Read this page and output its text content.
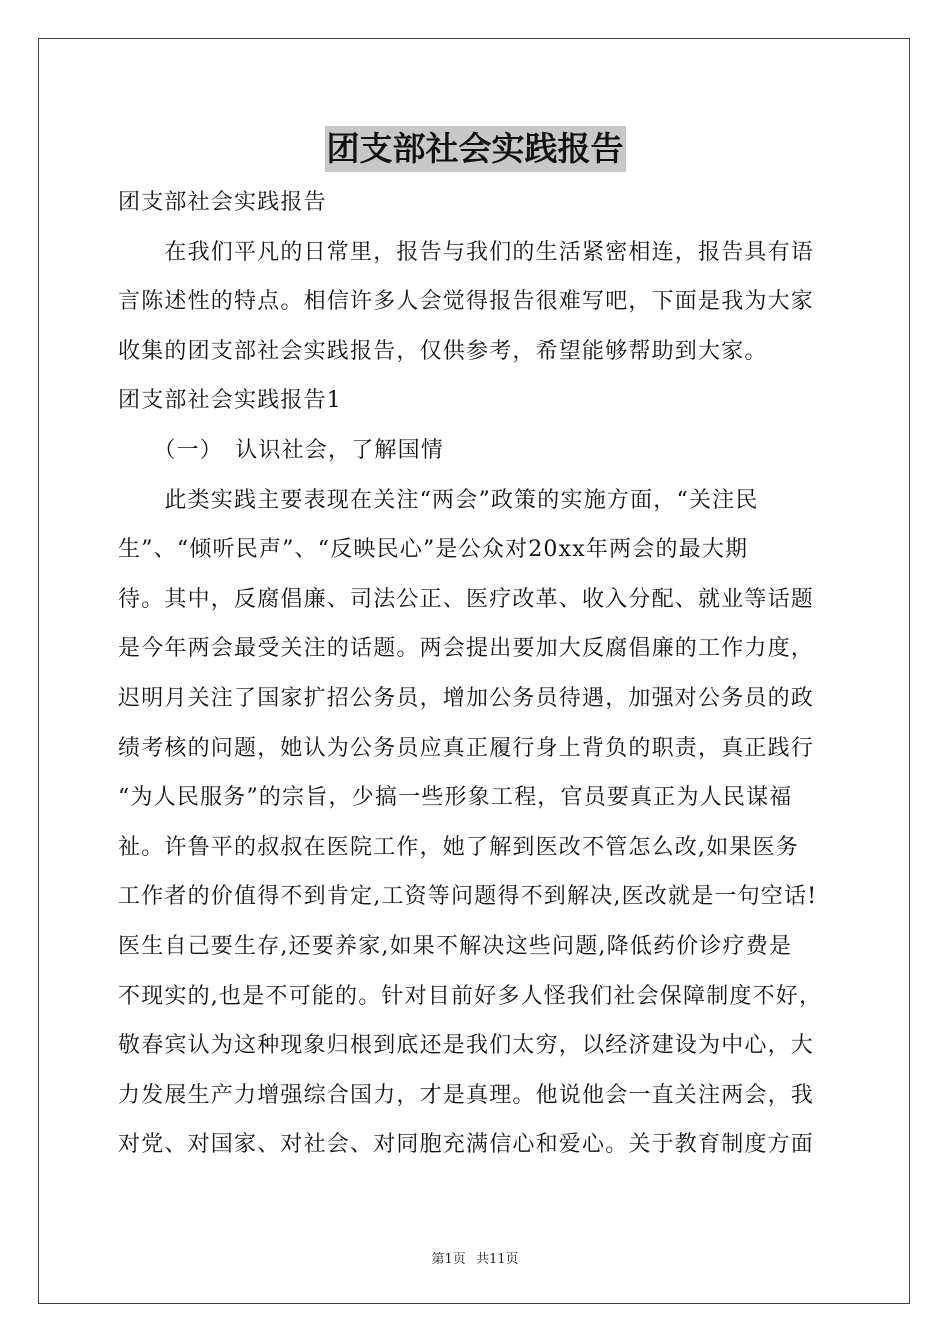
团支部社会实践报告
团支部社会实践报告
　　在我们平凡的日常里，报告与我们的生活紧密相连，报告具有语
言陈述性的特点。相信许多人会觉得报告很难写吧，下面是我为大家
收集的团支部社会实践报告，仅供参考，希望能够帮助到大家。
团支部社会实践报告1
　　（一）　认识社会，了解国情
　　此类实践主要表现在关注“两会”政策的实施方面，“关注民
生”、“倾听民声”、“反映民心”是公众对20xx年两会的最大期
待。其中，反腐倡廉、司法公正、医疗改革、收入分配、就业等话题
是今年两会最受关注的话题。两会提出要加大反腐倡廉的工作力度，
迟明月关注了国家扩招公务员，增加公务员待遇，加强对公务员的政
绩考核的问题，她认为公务员应真正履行身上背负的职责，真正践行
“为人民服务”的宗旨，少搞一些形象工程，官员要真正为人民谋福
祉。许鲁平的叔叔在医院工作，她了解到医改不管怎么改,如果医务
工作者的价值得不到肯定,工资等问题得不到解决,医改就是一句空话!
医生自己要生存,还要养家,如果不解决这些问题,降低药价诊疗费是
不现实的,也是不可能的。针对目前好多人怪我们社会保障制度不好，
敬春宾认为这种现象归根到底还是我们太穷，以经济建设为中心，大
力发展生产力增强综合国力，才是真理。他说他会一直关注两会，我
对党、对国家、对社会、对同胞充满信心和爱心。关于教育制度方面
第1页 共11页
